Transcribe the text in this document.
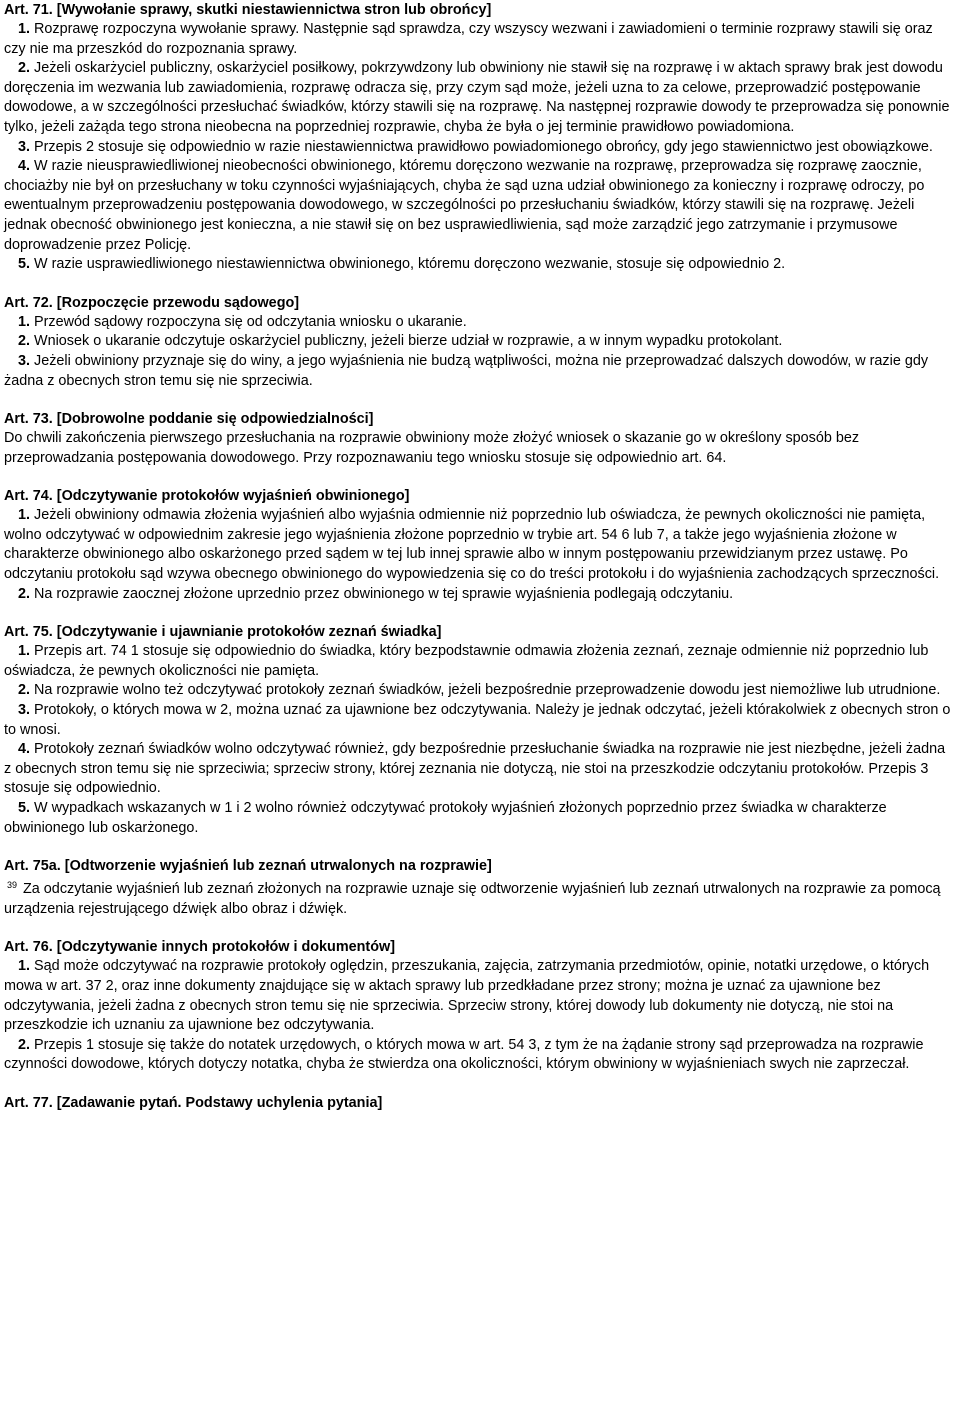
Art. 71. [Wywołanie sprawy, skutki niestawiennictwa stron lub obrońcy]

1. Rozprawę rozpoczyna wywołanie sprawy. Następnie sąd sprawdza, czy wszyscy wezwani i zawiadomieni o terminie rozprawy stawili się oraz czy nie ma przeszkód do rozpoznania sprawy.

2. Jeżeli oskarżyciel publiczny, oskarżyciel posiłkowy, pokrzywdzony lub obwiniony nie stawił się na rozprawę i w aktach sprawy brak jest dowodu doręczenia im wezwania lub zawiadomienia, rozprawę odracza się, przy czym sąd może, jeżeli uzna to za celowe, przeprowadzić postępowanie dowodowe, a w szczególności przesłuchać świadków, którzy stawili się na rozprawę. Na następnej rozprawie dowody te przeprowadza się ponownie tylko, jeżeli zażąda tego strona nieobecna na poprzedniej rozprawie, chyba że była o jej terminie prawidłowo powiadomiona.

3. Przepis 2 stosuje się odpowiednio w razie niestawiennictwa prawidłowo powiadomionego obrońcy, gdy jego stawiennictwo jest obowiązkowe.

4. W razie nieusprawiedliwionej nieobecności obwinionego, któremu doręczono wezwanie na rozprawę, przeprowadza się rozprawę zaocznie, chociażby nie był on przesłuchany w toku czynności wyjaśniających, chyba że sąd uzna udział obwinionego za konieczny i rozprawę odroczy, po ewentualnym przeprowadzeniu postępowania dowodowego, w szczególności po przesłuchaniu świadków, którzy stawili się na rozprawę. Jeżeli jednak obecność obwinionego jest konieczna, a nie stawił się on bez usprawiedliwienia, sąd może zarządzić jego zatrzymanie i przymusowe doprowadzenie przez Policję.

5. W razie usprawiedliwionego niestawiennictwa obwinionego, któremu doręczono wezwanie, stosuje się odpowiednio 2.

Art. 72. [Rozpoczęcie przewodu sądowego]

1. Przewód sądowy rozpoczyna się od odczytania wniosku o ukaranie.

2. Wniosek o ukaranie odczytuje oskarżyciel publiczny, jeżeli bierze udział w rozprawie, a w innym wypadku protokolant.

3. Jeżeli obwiniony przyznaje się do winy, a jego wyjaśnienia nie budzą wątpliwości, można nie przeprowadzać dalszych dowodów, w razie gdy żadna z obecnych stron temu się nie sprzeciwia.

Art. 73. [Dobrowolne poddanie się odpowiedzialności]

Do chwili zakończenia pierwszego przesłuchania na rozprawie obwiniony może złożyć wniosek o skazanie go w określony sposób bez przeprowadzania postępowania dowodowego. Przy rozpoznawaniu tego wniosku stosuje się odpowiednio art. 64.

Art. 74. [Odczytywanie protokołów wyjaśnień obwinionego]

1. Jeżeli obwiniony odmawia złożenia wyjaśnień albo wyjaśnia odmiennie niż poprzednio lub oświadcza, że pewnych okoliczności nie pamięta, wolno odczytywać w odpowiednim zakresie jego wyjaśnienia złożone poprzednio w trybie art. 54 6 lub 7, a także jego wyjaśnienia złożone w charakterze obwinionego albo oskarżonego przed sądem w tej lub innej sprawie albo w innym postępowaniu przewidzianym przez ustawę. Po odczytaniu protokołu sąd wzywa obecnego obwinionego do wypowiedzenia się co do treści protokołu i do wyjaśnienia zachodzących sprzeczności.

2. Na rozprawie zaocznej złożone uprzednio przez obwinionego w tej sprawie wyjaśnienia podlegają odczytaniu.

Art. 75. [Odczytywanie i ujawnianie protokołów zeznań świadka]

1. Przepis art. 74 1 stosuje się odpowiednio do świadka, który bezpodstawnie odmawia złożenia zeznań, zeznaje odmiennie niż poprzednio lub oświadcza, że pewnych okoliczności nie pamięta.

2. Na rozprawie wolno też odczytywać protokoły zeznań świadków, jeżeli bezpośrednie przeprowadzenie dowodu jest niemożliwe lub utrudnione.

3. Protokoły, o których mowa w 2, można uznać za ujawnione bez odczytywania. Należy je jednak odczytać, jeżeli którakolwiek z obecnych stron o to wnosi.

4. Protokoły zeznań świadków wolno odczytywać również, gdy bezpośrednie przesłuchanie świadka na rozprawie nie jest niezbędne, jeżeli żadna z obecnych stron temu się nie sprzeciwia; sprzeciw strony, której zeznania nie dotyczą, nie stoi na przeszkodzie odczytaniu protokołów. Przepis 3 stosuje się odpowiednio.

5. W wypadkach wskazanych w 1 i 2 wolno również odczytywać protokoły wyjaśnień złożonych poprzednio przez świadka w charakterze obwinionego lub oskarżonego.

Art. 75a. [Odtworzenie wyjaśnień lub zeznań utrwalonych na rozprawie]

$^{39}$ Za odczytanie wyjaśnień lub zeznań złożonych na rozprawie uznaje się odtworzenie wyjaśnień lub zeznań utrwalonych na rozprawie za pomocą urządzenia rejestrującego dźwięk albo obraz i dźwięk.

Art. 76. [Odczytywanie innych protokołów i dokumentów]

1. Sąd może odczytywać na rozprawie protokoły oględzin, przeszukania, zajęcia, zatrzymania przedmiotów, opinie, notatki urzędowe, o których mowa w art. 37 2, oraz inne dokumenty znajdujące się w aktach sprawy lub przedkładane przez strony; można je uznać za ujawnione bez odczytywania, jeżeli żadna z obecnych stron temu się nie sprzeciwia. Sprzeciw strony, której dowody lub dokumenty nie dotyczą, nie stoi na przeszkodzie ich uznaniu za ujawnione bez odczytywania.

2. Przepis 1 stosuje się także do notatek urzędowych, o których mowa w art. 54 3, z tym że na żądanie strony sąd przeprowadza na rozprawie czynności dowodowe, których dotyczy notatka, chyba że stwierdza ona okoliczności, którym obwiniony w wyjaśnieniach swych nie zaprzeczał.

Art. 77. [Zadawanie pytań. Podstawy uchylenia pytania]
